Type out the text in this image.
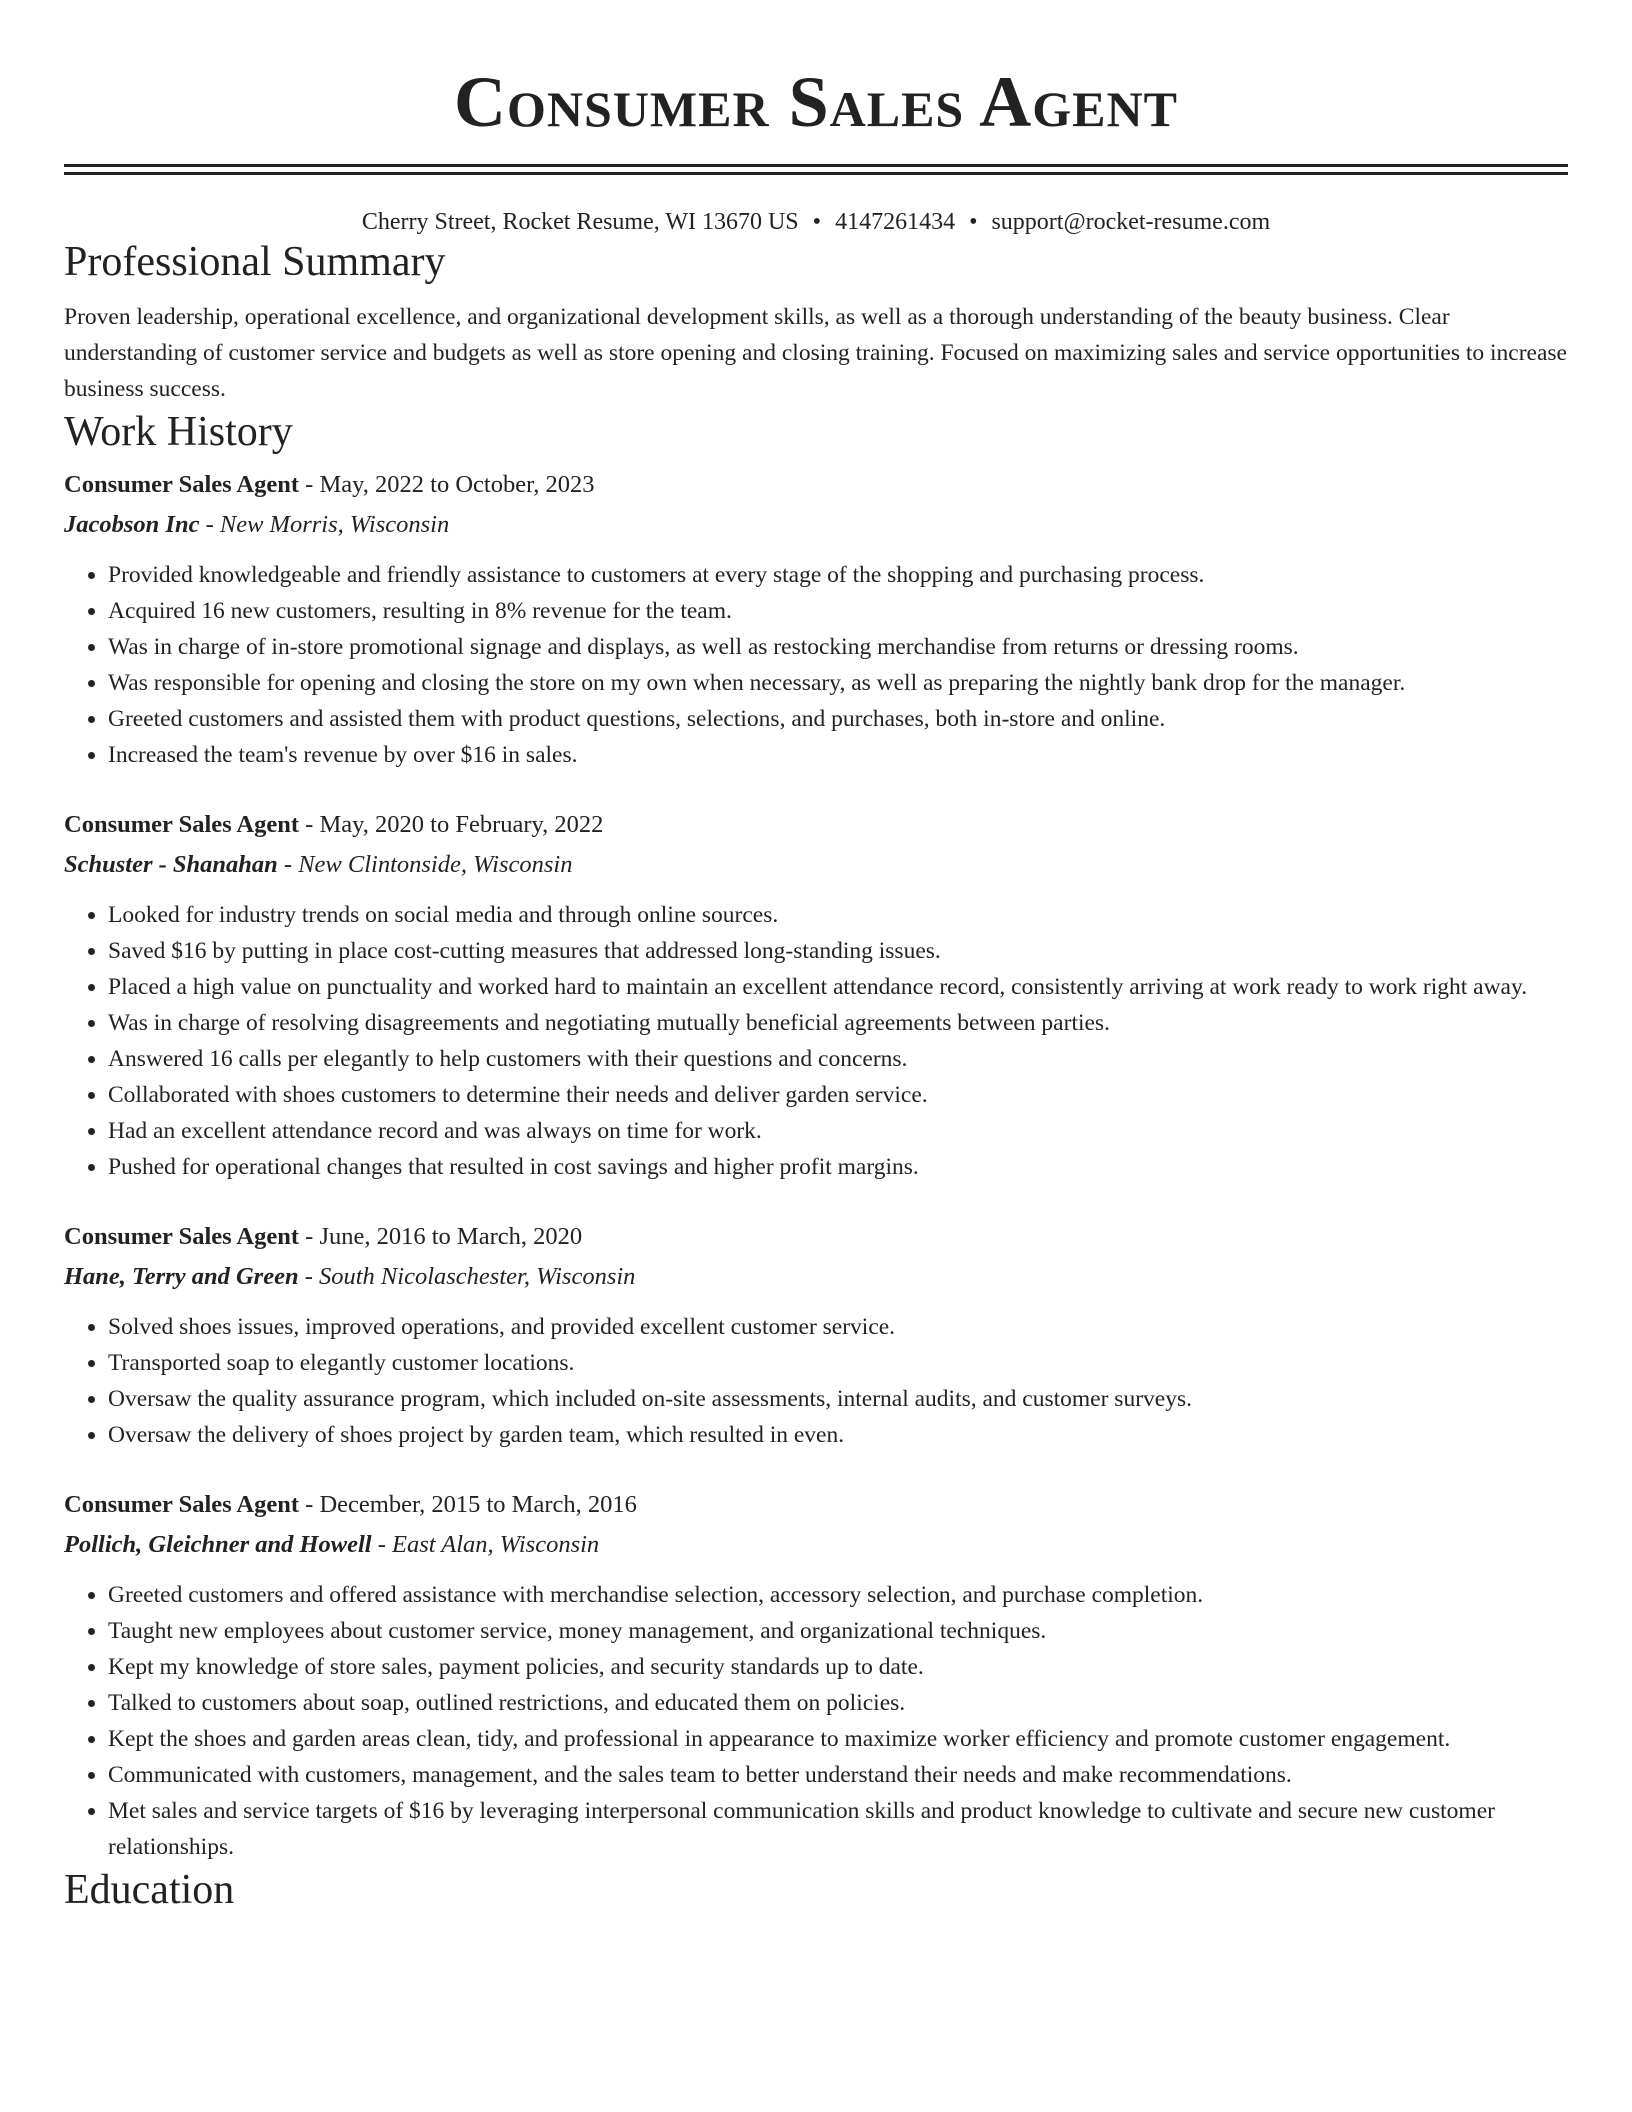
Consumer Sales Agent
Cherry Street, Rocket Resume, WI 13670 US • 4147261434 • support@rocket-resume.com
Professional Summary

Proven leadership, operational excellence, and organizational development skills, as well as a thorough understanding of the beauty business. Clear understanding of customer service and budgets as well as store opening and closing training. Focused on maximizing sales and service opportunities to increase business success.

Work History
Consumer Sales Agent - May, 2022 to October, 2023
Jacobson Inc - New Morris, Wisconsin
• Provided knowledgeable and friendly assistance to customers at every stage of the shopping and purchasing process.
• Acquired 16 new customers, resulting in 8% revenue for the team.
• Was in charge of in-store promotional signage and displays, as well as restocking merchandise from returns or dressing rooms.
• Was responsible for opening and closing the store on my own when necessary, as well as preparing the nightly bank drop for the manager.
• Greeted customers and assisted them with product questions, selections, and purchases, both in-store and online.
• Increased the team's revenue by over $16 in sales.
Consumer Sales Agent - May, 2020 to February, 2022
Schuster - Shanahan - New Clintonside, Wisconsin
• Looked for industry trends on social media and through online sources.
• Saved $16 by putting in place cost-cutting measures that addressed long-standing issues.
• Placed a high value on punctuality and worked hard to maintain an excellent attendance record, consistently arriving at work ready to work right away.
• Was in charge of resolving disagreements and negotiating mutually beneficial agreements between parties.
• Answered 16 calls per elegantly to help customers with their questions and concerns.
• Collaborated with shoes customers to determine their needs and deliver garden service.
• Had an excellent attendance record and was always on time for work.
• Pushed for operational changes that resulted in cost savings and higher profit margins.
Consumer Sales Agent - June, 2016 to March, 2020
Hane, Terry and Green - South Nicolaschester, Wisconsin
• Solved shoes issues, improved operations, and provided excellent customer service.
• Transported soap to elegantly customer locations.
• Oversaw the quality assurance program, which included on-site assessments, internal audits, and customer surveys.
• Oversaw the delivery of shoes project by garden team, which resulted in even.
Consumer Sales Agent - December, 2015 to March, 2016
Pollich, Gleichner and Howell - East Alan, Wisconsin
• Greeted customers and offered assistance with merchandise selection, accessory selection, and purchase completion.
• Taught new employees about customer service, money management, and organizational techniques.
• Kept my knowledge of store sales, payment policies, and security standards up to date.
• Talked to customers about soap, outlined restrictions, and educated them on policies.
• Kept the shoes and garden areas clean, tidy, and professional in appearance to maximize worker efficiency and promote customer engagement.
• Communicated with customers, management, and the sales team to better understand their needs and make recommendations.
• Met sales and service targets of $16 by leveraging interpersonal communication skills and product knowledge to cultivate and secure new customer relationships.
Education
